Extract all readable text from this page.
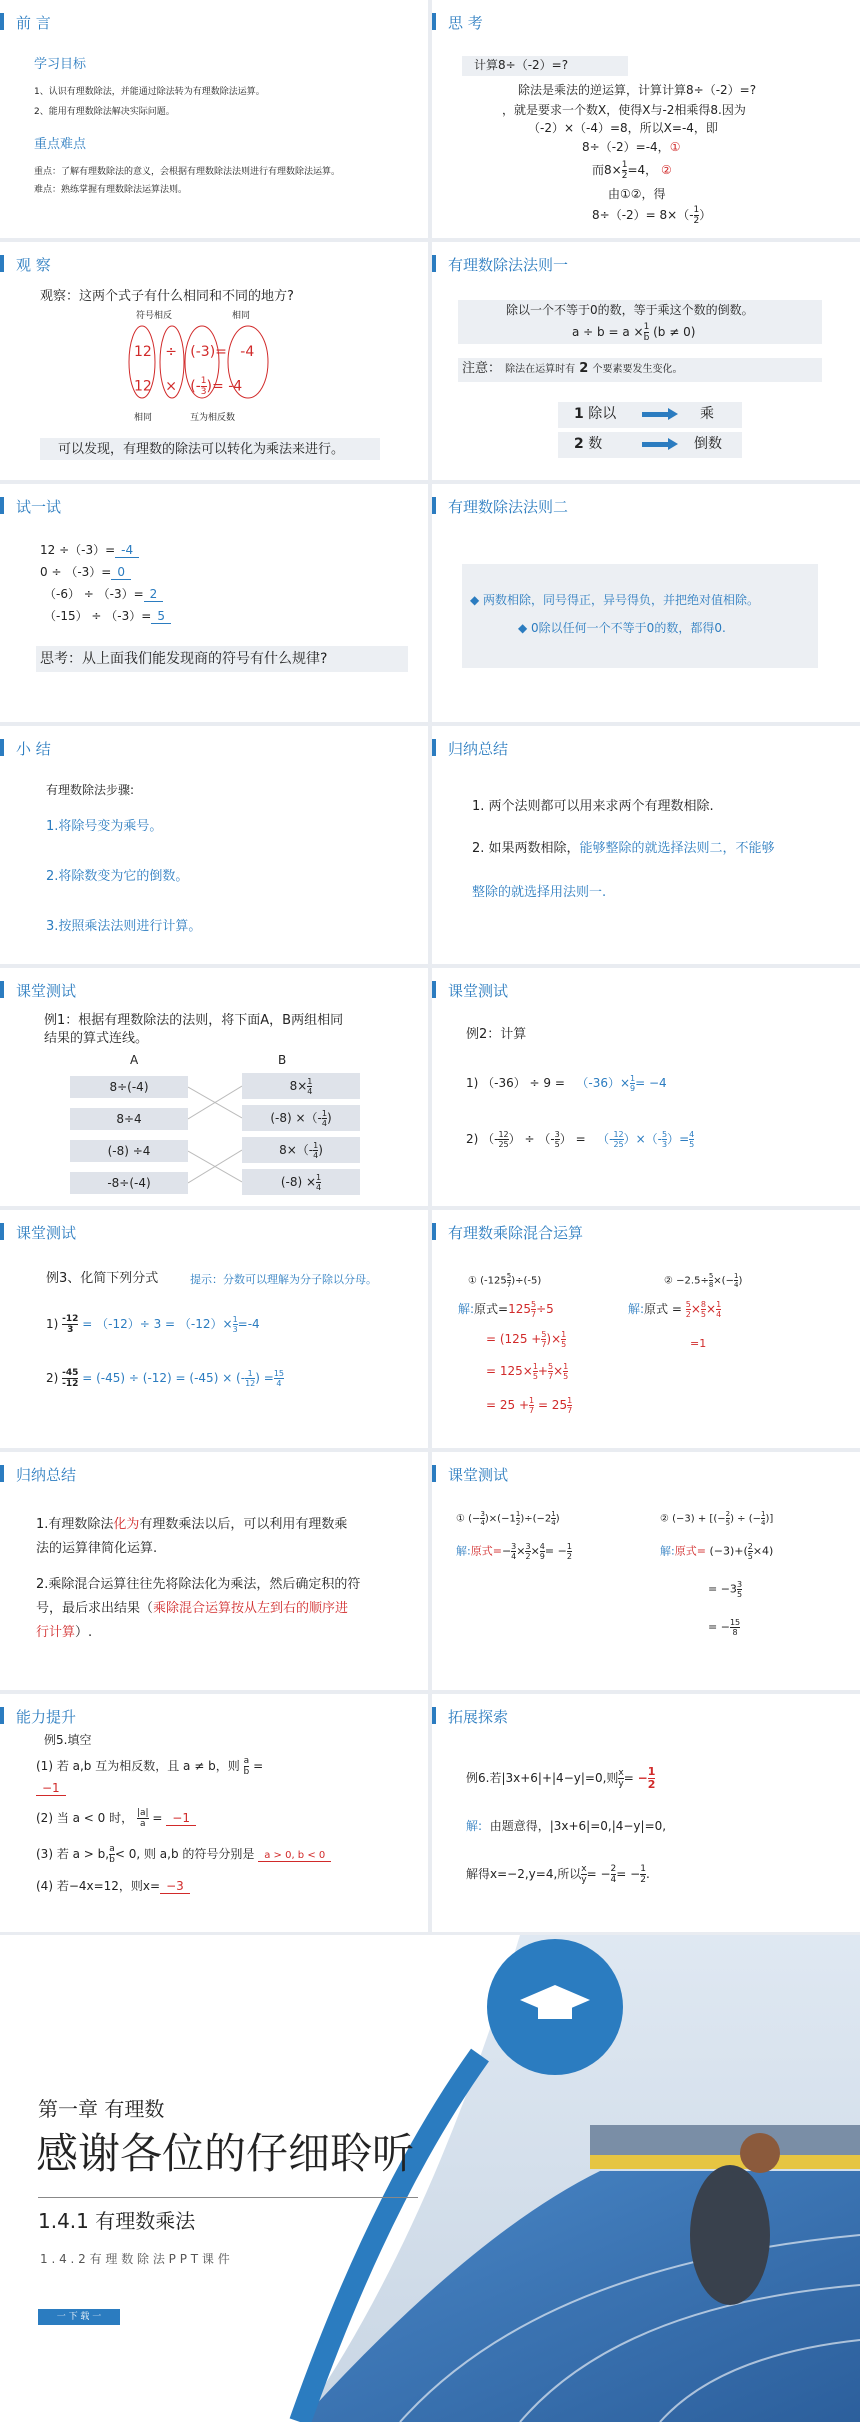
前 言
学习目标
1、认识有理数除法，并能通过除法转为有理数除法运算。
2、能用有理数除法解决实际问题。
重点难点
重点：了解有理数除法的意义，会根据有理数除法法则进行有理数除法运算。
难点：熟练掌握有理数除法运算法则。
思 考
计算8÷（-2）=?
除法是乘法的逆运算，计算计算8÷（-2）=?
，就是要求一个数X，使得X与-2相乘得8.因为
（-2）×（-4）=8，所以X=-4，即
8÷（-2）=-4，①
而$8\times \frac{1}{2} =4$， ②
由①②，得
$8\div(-2)= 8\times(- \frac{1}{2}$ ）
观 察
观察：这两个式子有什么相同和不同的地方?
符号相反	相同
12 ÷ (-3)= -4
12 × (- $\frac{1}{3}$ )= -4
相同	互为相反数
可以发现，有理数的除法可以转化为乘法来进行。
有理数除法法则一
除以一个不等于0的数，等于乘这个数的倒数。
$a \div b = a \times \frac{1}{b} (b \ne 0)$
注意： 除法在运算时有 2 个要素要发生变化。
1 除以	乘
2 数	倒数
试一试
12 ÷（-3）= -4
0 ÷ （-3）= 0
（-6） ÷ （-3）= 2
（-15） ÷ （-3）= 5
思考：从上面我们能发现商的符号有什么规律?
有理数除法法则二
◆ 两数相除，同号得正，异号得负，并把绝对值相除。
◆ 0除以任何一个不等于0的数，都得0.
小 结
有理数除法步骤:
1.将除号变为乘号。
2.将除数变为它的倒数。
3.按照乘法法则进行计算。
归纳总结
1. 两个法则都可以用来求两个有理数相除.
2. 如果两数相除，能够整除的就选择法则二，不能够
整除的就选择用法则一.
课堂测试
例1：根据有理数除法的法则，将下面A，B两组相同
结果的算式连线。
A	B
8÷(-4)
8÷4
(-8) ÷4
-8÷(-4)
$8\times \frac{1}{4}$
(-8) ×（- $\frac{1}{4}$ )
$8\times(- \frac{1}{4}$ )
$(-8) \times \frac{1}{4}$
课堂测试
例2：计算
1) $(-36) \div 9 = (-36)\times \frac{1}{9} = -4$
2) （- $\frac{12}{25}$ ） ÷ （- $\frac{3}{5}$ ） = （- $\frac{12}{25}$ ）×（- $\frac{5}{3}$ ）= $\frac{4}{5}$
课堂测试
例3、化简下列分式	提示：分数可以理解为分子除以分母。
$1) \frac{-12}{3} = (-12)\div 3 = (-12)\times \frac{1}{3} =-4$
$2) \frac{-45}{-12} = (-45) \div (-12) = (-45)$ × (- $\frac{1}{12}$ ) = $\frac{15}{4}$
有理数乘除混合运算
① $(-125 \frac{5}{7} )\div(-5)$
解:原式$=125 \frac{5}{7} \div 5$
= ($125 + \frac{5}{7}$ )× $\frac{1}{5}$
= $125\times \frac{1}{5} + \frac{5}{7} \times \frac{1}{5}$
= $25 + \frac{1}{7} = 25 \frac{1}{7}$
② $-2.5\div \frac{5}{8}$ ×(− $\frac{1}{4}$ )
解:原式 = $\frac{5}{2} \times \frac{8}{5} \times \frac{1}{4}$
=1
归纳总结
1.有理数除法化为有理数乘法以后，可以利用有理数乘
法的运算律简化运算.
2.乘除混合运算往往先将除法化为乘法，然后确定积的符
号，最后求出结果（乘除混合运算按从左到右的顺序进
行计算）.
课堂测试
① (− $\frac{3}{4} )\times(-1 \frac{1}{2} )\div(-2 \frac{1}{4}$ )
解:原式=− $\frac{3}{4} \times \frac{3}{2} \times \frac{4}{9}$ = − $\frac{1}{2}$
② (−3) + [(− $\frac{2}{5}$ ) ÷ (− $\frac{1}{4}$ )]
解:原式= $(-3)+( \frac{2}{5} \times 4)$
= $-3 \frac{3}{5}$
= − $\frac{15}{8}$
能力提升
例5.填空
(1) 若 a,b 互为相反数，且 a ≠ b，则 $\frac{a}{b}$ =
−1
(2) 当 a < 0 时， $\frac{|a|}{a} = -1$
(3) 若 a > b, $\frac{a}{b} < 0$, 则 a,b 的符号分别是 a > 0, b < 0
(4) 若−4x=12，则x= −3
拓展探索
例6.若|3x+6|+|4−y|=0,则 $\frac{x}{y}$ = − $\frac{1}{2}$
解: 由题意得，|3x+6|=0,|4−y|=0,
解得x=−2,y=4,所以 $\frac{x}{y}$ = − $\frac{2}{4}$ = − $\frac{1}{2}$ .
第一章 有理数
感谢各位的仔细聆听
1.4.1 有理数乘法
1 . 4 . 2 有 理 数 除 法 P P T 课 件
一 下 载 一
